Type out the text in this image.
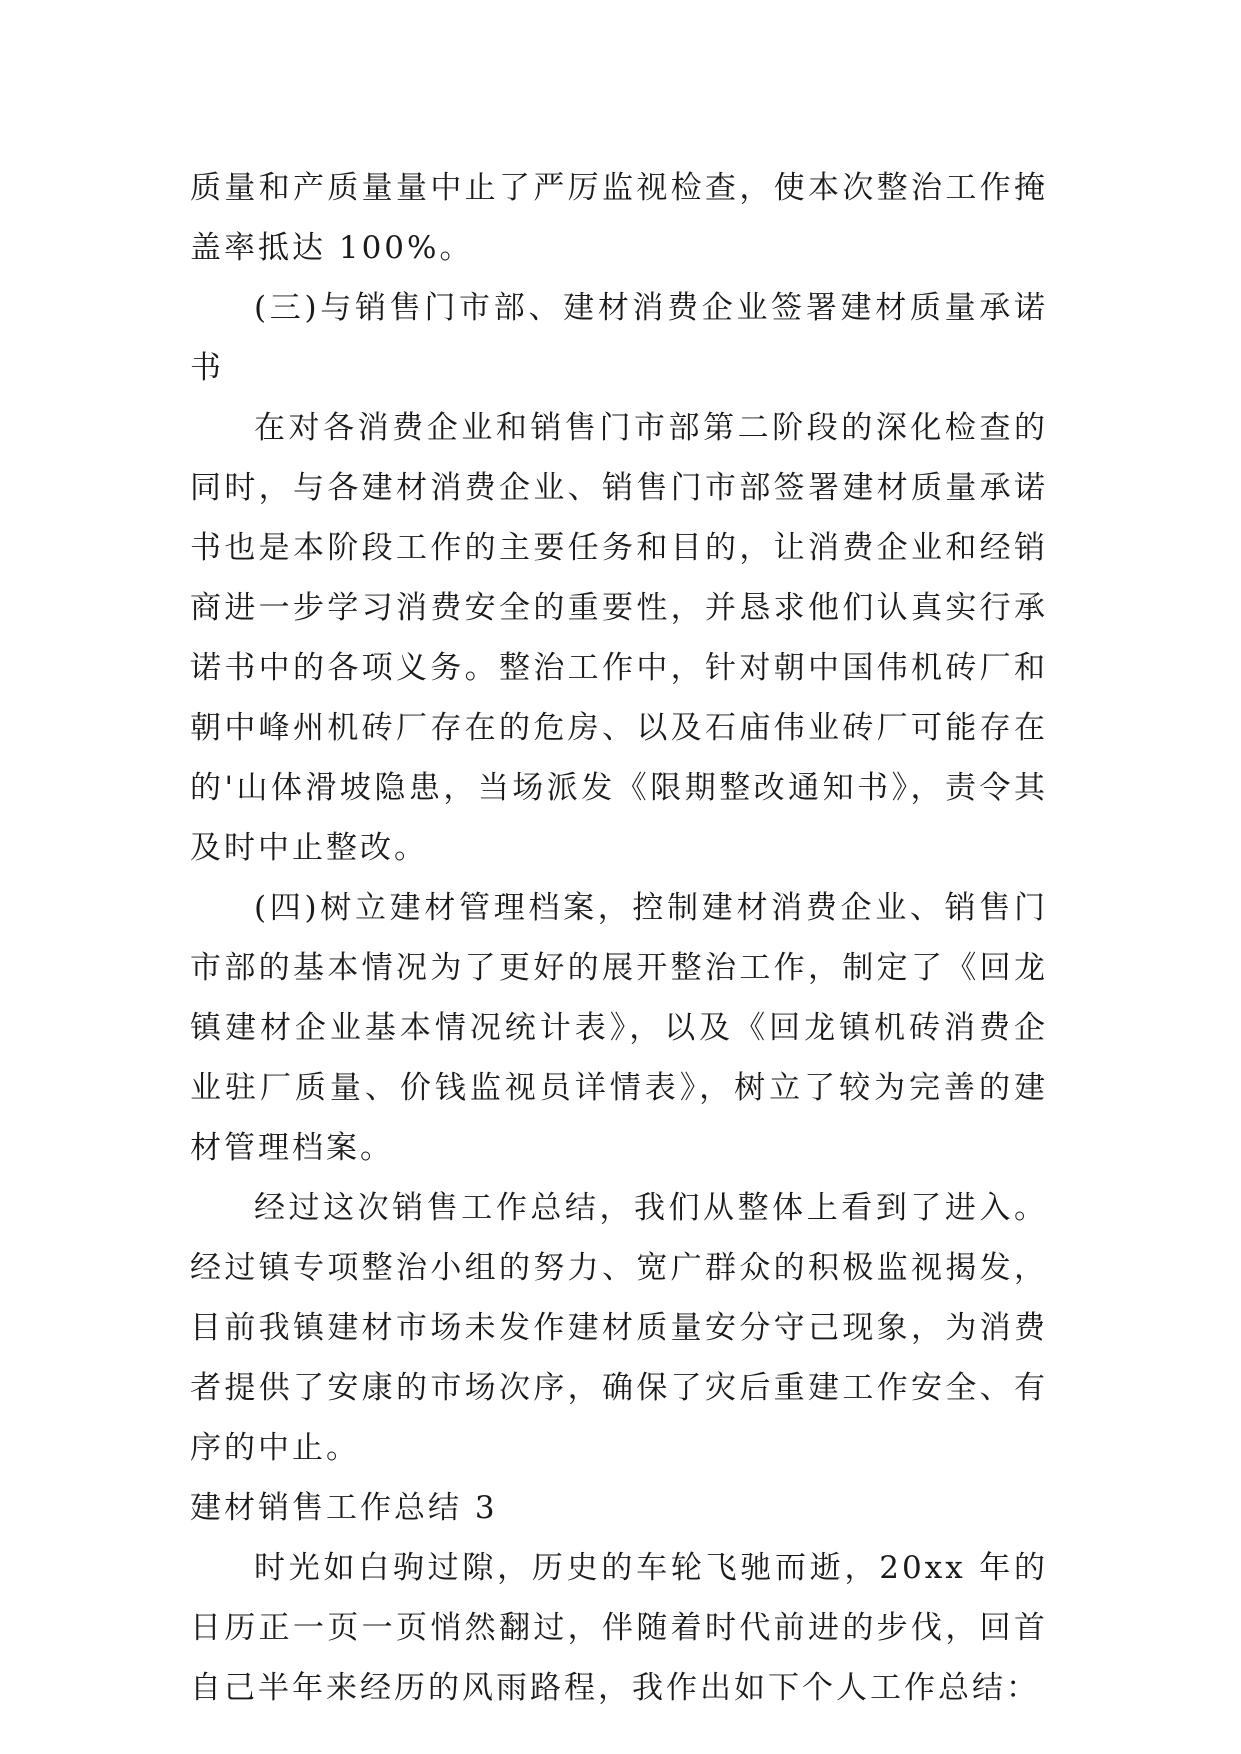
质量和产质量量中止了严厉监视检查，使本次整治工作掩盖率抵达 100%。

(三)与销售门市部、建材消费企业签署建材质量承诺书

在对各消费企业和销售门市部第二阶段的深化检查的同时，与各建材消费企业、销售门市部签署建材质量承诺书也是本阶段工作的主要任务和目的，让消费企业和经销商进一步学习消费安全的重要性，并恳求他们认真实行承诺书中的各项义务。整治工作中，针对朝中国伟机砖厂和朝中峰州机砖厂存在的危房、以及石庙伟业砖厂可能存在的'山体滑坡隐患，当场派发《限期整改通知书》，责令其及时中止整改。

(四)树立建材管理档案，控制建材消费企业、销售门市部的基本情况为了更好的展开整治工作，制定了《回龙镇建材企业基本情况统计表》，以及《回龙镇机砖消费企业驻厂质量、价钱监视员详情表》，树立了较为完善的建材管理档案。

经过这次销售工作总结，我们从整体上看到了进入。经过镇专项整治小组的努力、宽广群众的积极监视揭发，目前我镇建材市场未发作建材质量安分守己现象，为消费者提供了安康的市场次序，确保了灾后重建工作安全、有序的中止。

建材销售工作总结 3

时光如白驹过隙，历史的车轮飞驰而逝，20xx 年的日历正一页一页悄然翻过，伴随着时代前进的步伐，回首自己半年来经历的风雨路程，我作出如下个人工作总结：
